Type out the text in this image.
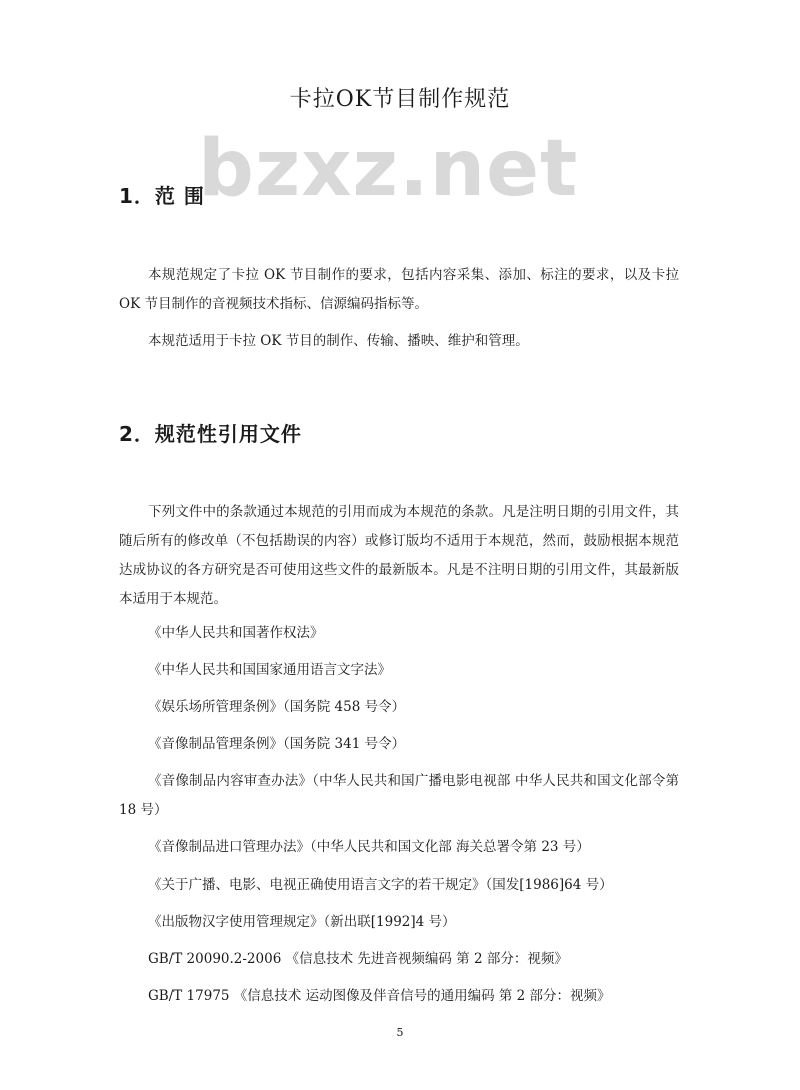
卡拉OK节目制作规范
bzxz.net
1．范 围
本规范规定了卡拉 OK 节目制作的要求，包括内容采集、添加、标注的要求，以及卡拉 OK 节目制作的音视频技术指标、信源编码指标等。
本规范适用于卡拉 OK 节目的制作、传输、播映、维护和管理。
2．规范性引用文件
下列文件中的条款通过本规范的引用而成为本规范的条款。凡是注明日期的引用文件，其随后所有的修改单（不包括勘误的内容）或修订版均不适用于本规范，然而，鼓励根据本规范达成协议的各方研究是否可使用这些文件的最新版本。凡是不注明日期的引用文件，其最新版本适用于本规范。
《中华人民共和国著作权法》
《中华人民共和国国家通用语言文字法》
《娱乐场所管理条例》（国务院 458 号令）
《音像制品管理条例》（国务院 341 号令）
《音像制品内容审查办法》（中华人民共和国广播电影电视部 中华人民共和国文化部令第 18 号）
《音像制品进口管理办法》（中华人民共和国文化部 海关总署令第 23 号）
《关于广播、电影、电视正确使用语言文字的若干规定》（国发[1986]64 号）
《出版物汉字使用管理规定》（新出联[1992]4 号）
GB/T 20090.2-2006 《信息技术 先进音视频编码 第 2 部分：视频》
GB/T 17975 《信息技术 运动图像及伴音信号的通用编码 第 2 部分：视频》
5
